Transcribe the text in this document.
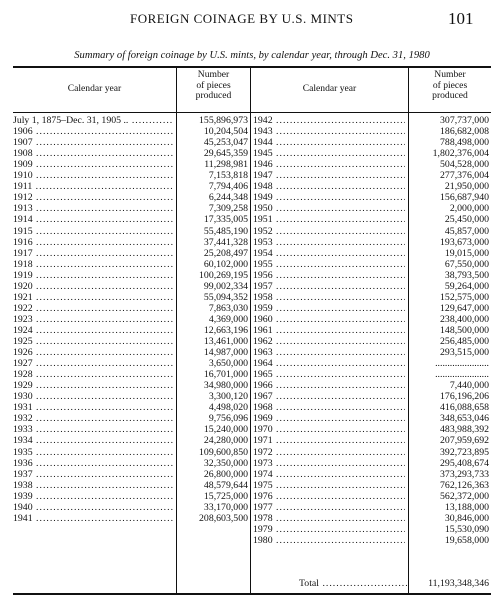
FOREIGN COINAGE BY U.S. MINTS	101
Summary of foreign coinage by U.S. mints, by calendar year, through Dec. 31, 1980
Calendar year
Number
of pieces
produced
Calendar year
Number
of pieces
produced
July 1, 1875–Dec. 31, 1905 .. .....	155,896,973
1906 .....	10,204,504
1907 .....	45,253,047
1908 .....	29,645,359
1909 .....	11,298,981
1910 .....	7,153,818
1911 .....	7,794,406
1912 .....	6,244,348
1913 .....	7,309,258
1914 .....	17,335,005
1915 .....	55,485,190
1916 .....	37,441,328
1917 .....	25,208,497
1918 .....	60,102,000
1919 .....	100,269,195
1920 .....	99,002,334
1921 .....	55,094,352
1922 .....	7,863,030
1923 .....	4,369,000
1924 .....	12,663,196
1925 .....	13,461,000
1926 .....	14,987,000
1927 .....	3,650,000
1928 .....	16,701,000
1929 .....	34,980,000
1930 .....	3,300,120
1931 .....	4,498,020
1932 .....	9,756,096
1933 .....	15,240,000
1934 .....	24,280,000
1935 .....	109,600,850
1936 .....	32,350,000
1937 .....	26,800,000
1938 .....	48,579,644
1939 .....	15,725,000
1940 .....	33,170,000
1941 .....	208,603,500
1942 .....	307,737,000
1943 .....	186,682,008
1944 .....	788,498,000
1945 .....	1,802,376,004
1946 .....	504,528,000
1947 .....	277,376,004
1948 .....	21,950,000
1949 .....	156,687,940
1950 .....	2,000,000
1951 .....	25,450,000
1952 .....	45,857,000
1953 .....	193,673,000
1954 .....	19,015,000
1955 .....	67,550,000
1956 .....	38,793,500
1957 .....	59,264,000
1958 .....	152,575,000
1959 .....	129,647,000
1960 .....	238,400,000
1961 .....	148,500,000
1962 .....	256,485,000
1963 .....	293,515,000
1964 .....	......................
1965 .....	......................
1966 .....	7,440,000
1967 .....	176,196,206
1968 .....	416,088,658
1969 .....	348,653,046
1970 .....	483,988,392
1971 .....	207,959,692
1972 .....	392,723,895
1973 .....	295,408,674
1974 .....	373,293,733
1975 .....	762,126,363
1976 .....	562,372,000
1977 .....	13,188,000
1978 .....	30,846,000
1979 .....	15,530,090
1980 .....	19,658,000
Total .....	11,193,348,346
